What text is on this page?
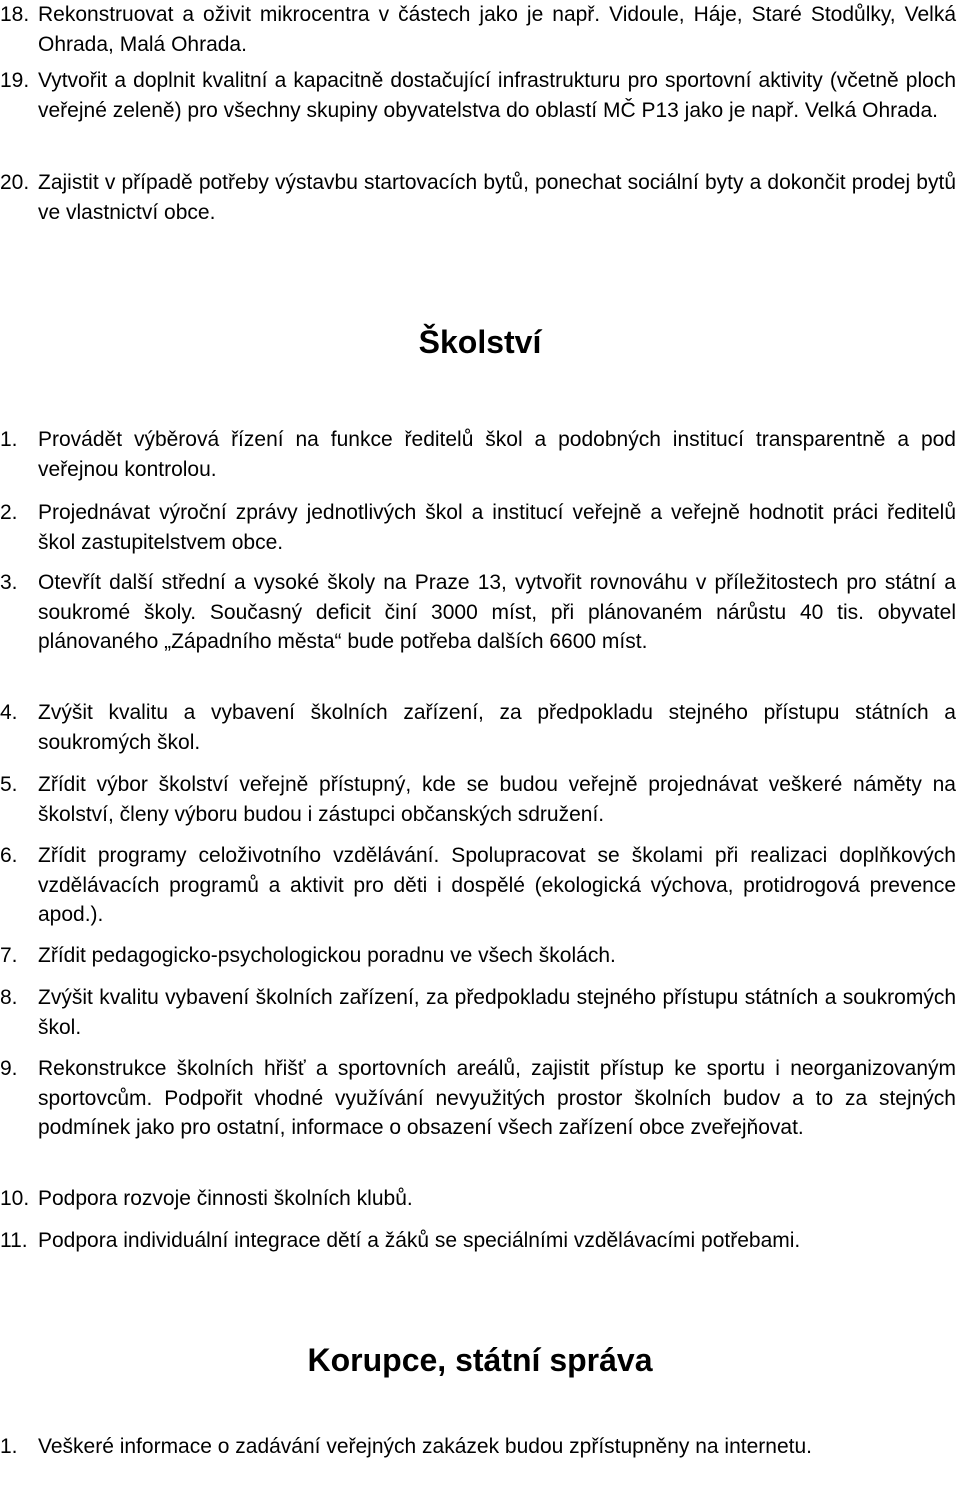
18. Rekonstruovat a oživit mikrocentra v částech jako je např. Vidoule, Háje, Staré Stodůlky, Velká Ohrada, Malá Ohrada.
19. Vytvořit a doplnit kvalitní a kapacitně dostačující infrastrukturu pro sportovní aktivity (včetně ploch veřejné zeleně) pro všechny skupiny obyvatelstva do oblastí MČ P13 jako je např. Velká Ohrada.
20. Zajistit v případě potřeby výstavbu startovacích bytů, ponechat sociální byty a dokončit prodej bytů ve vlastnictví obce.
Školství
1. Provádět výběrová řízení na funkce ředitelů škol a podobných institucí transparentně a pod veřejnou kontrolou.
2. Projednávat výroční zprávy jednotlivých škol a institucí veřejně a veřejně hodnotit práci ředitelů škol zastupitelstvem obce.
3. Otevřít další střední a vysoké školy na Praze 13, vytvořit rovnováhu v příležitostech pro státní a soukromé školy. Současný deficit činí 3000 míst, při plánovaném nárůstu 40 tis. obyvatel plánovaného „Západního města“ bude potřeba dalších 6600 míst.
4. Zvýšit kvalitu a vybavení školních zařízení, za předpokladu stejného přístupu státních a soukromých škol.
5. Zřídit výbor školství veřejně přístupný, kde se budou veřejně projednávat veškeré náměty na školství, členy výboru budou i zástupci občanských sdružení.
6. Zřídit programy celoživotního vzdělávání. Spolupracovat se školami při realizaci doplňkových vzdělávacích programů a aktivit pro děti i dospělé (ekologická výchova, protidrogová prevence apod.).
7. Zřídit pedagogicko-psychologickou poradnu ve všech školách.
8. Zvýšit kvalitu vybavení školních zařízení, za předpokladu stejného přístupu státních a soukromých škol.
9. Rekonstrukce školních hřišť a sportovních areálů, zajistit přístup ke sportu i neorganizovaným sportovcům. Podpořit vhodné využívání nevyužitých prostor školních budov a to za stejných podmínek jako pro ostatní, informace o obsazení všech zařízení obce zveřejňovat.
10. Podpora rozvoje činnosti školních klubů.
11. Podpora individuální integrace dětí a žáků se speciálními vzdělávacími potřebami.
Korupce, státní správa
1. Veškeré informace o zadávání veřejných zakázek budou zpřístupněny na internetu.
